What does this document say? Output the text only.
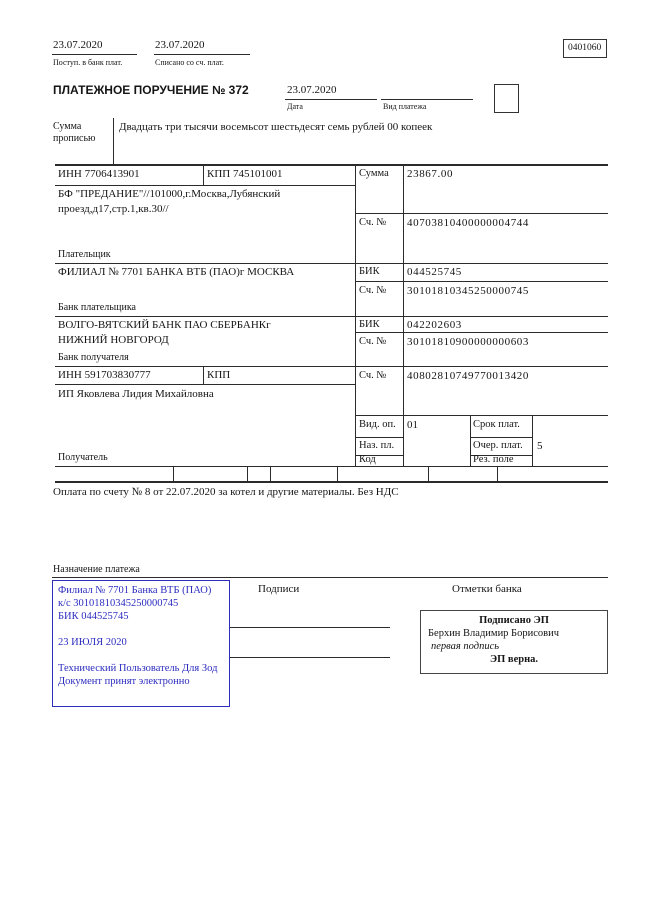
23.07.2020
Поступ. в банк плат.
23.07.2020
Списано со сч. плат.
0401060
ПЛАТЕЖНОЕ ПОРУЧЕНИЕ № 372	23.07.2020
Дата	Вид платежа
Сумма прописью
Двадцать три тысячи восемьсот шестьдесят семь рублей 00 копеек
ИНН 7706413901	КПП 745101001
БФ "ПРЕДАНИЕ"//101000,г.Москва,Лубянский
проезд,д17,стр.1,кв.30//
Плательщик
Сумма 23867.00
Сч. № 40703810400000004744
ФИЛИАЛ № 7701 БАНКА ВТБ (ПАО)г МОСКВА
Банк плательщика
БИК 044525745
Сч. № 30101810345250000745
ВОЛГО-ВЯТСКИЙ БАНК ПАО СБЕРБАНКг
НИЖНИЙ НОВГОРОД
Банк получателя
БИК 042202603
Сч. № 30101810900000000603
ИНН 591703830777	КПП
ИП Яковлева Лидия Михайловна
Получатель
Сч. № 40802810749770013420
Вид. оп. 01	Срок плат.
Наз. пл.	Очер. плат. 5
Код	Рез. поле
Оплата по счету № 8 от 22.07.2020 за котел и другие материалы. Без НДС
Назначение платежа
Филиал № 7701 Банка ВТБ (ПАО)
к/с 30101810345250000745
БИК 044525745
23 ИЮЛЯ 2020
Технический Пользователь Для Зод
Документ принят электронно
Подписи	Отметки банка
Подписано ЭП
Берхин Владимир Борисович
первая подпись
ЭП верна.
